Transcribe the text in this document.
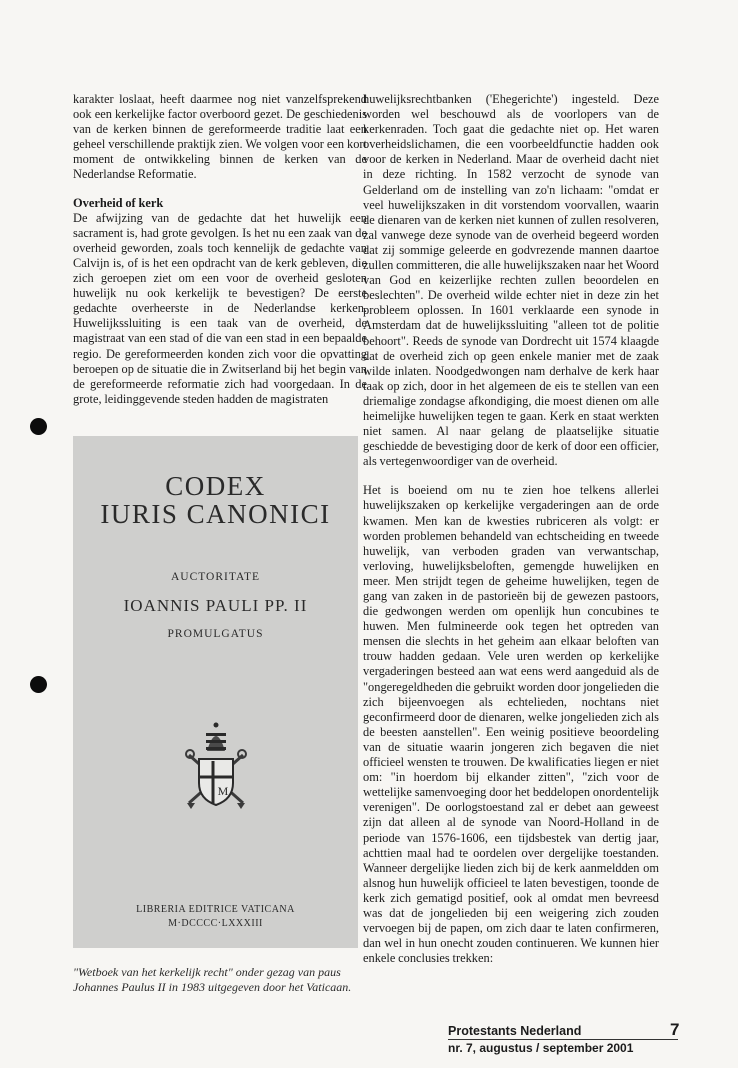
karakter loslaat, heeft daarmee nog niet vanzelfsprekend ook een kerkelijke factor overboord gezet. De geschiedenis van de kerken binnen de gereformeerde traditie laat een geheel verschillende praktijk zien. We volgen voor een kort moment de ontwikkeling binnen de kerken van de Nederlandse Reformatie.

Overheid of kerk

De afwijzing van de gedachte dat het huwelijk een sacrament is, had grote gevolgen. Is het nu een zaak van de overheid geworden, zoals toch kennelijk de gedachte van Calvijn is, of is het een opdracht van de kerk gebleven, die zich geroepen ziet om een voor de overheid gesloten huwelijk nu ook kerkelijk te bevestigen? De eerste gedachte overheerste in de Nederlandse kerken. Huwelijkssluiting is een taak van de overheid, de magistraat van een stad of die van een stad in een bepaalde regio. De gereformeerden konden zich voor die opvatting beroepen op de situatie die in Zwitserland bij het begin van de gereformeerde reformatie zich had voorgedaan. In de grote, leidinggevende steden hadden de magistraten

CODEX
IURIS CANONICI
AUCTORITATE
IOANNIS PAULI PP. II
PROMULGATUS
M
LIBRERIA EDITRICE VATICANA
M·DCCCC·LXXXIII

"Wetboek van het kerkelijk recht" onder gezag van paus Johannes Paulus II in 1983 uitgegeven door het Vaticaan.

huwelijksrechtbanken ('Ehegerichte') ingesteld. Deze worden wel beschouwd als de voorlopers van de kerkenraden. Toch gaat die gedachte niet op. Het waren overheidslichamen, die een voorbeeldfunctie hadden ook voor de kerken in Nederland. Maar de overheid dacht niet in deze richting. In 1582 verzocht de synode van Gelderland om de instelling van zo'n lichaam: "omdat er veel huwelijkszaken in dit vorstendom voorvallen, waarin de dienaren van de kerken niet kunnen of zullen resolveren, zal vanwege deze synode van de overheid begeerd worden dat zij sommige geleerde en godvrezende mannen daartoe zullen committeren, die alle huwelijkszaken naar het Woord van God en keizerlijke rechten zullen beoordelen en beslechten". De overheid wilde echter niet in deze zin het probleem oplossen. In 1601 verklaarde een synode in Amsterdam dat de huwelijkssluiting "alleen tot de politie behoort". Reeds de synode van Dordrecht uit 1574 klaagde dat de overheid zich op geen enkele manier met de zaak wilde inlaten. Noodgedwongen nam derhalve de kerk haar taak op zich, door in het algemeen de eis te stellen van een driemalige zondagse afkondiging, die moest dienen om alle heimelijke huwelijken tegen te gaan. Kerk en staat werkten niet samen. Al naar gelang de plaatselijke situatie geschiedde de bevestiging door de kerk of door een officier, als vertegenwoordiger van de overheid.

Het is boeiend om nu te zien hoe telkens allerlei huwelijkszaken op kerkelijke vergaderingen aan de orde kwamen. Men kan de kwesties rubriceren als volgt: er worden problemen behandeld van echtscheiding en tweede huwelijk, van verboden graden van verwantschap, verloving, huwelijksbeloften, gemengde huwelijken en meer. Men strijdt tegen de geheime huwelijken, tegen de gang van zaken in de pastorieën bij de gewezen pastoors, die gedwongen werden om openlijk hun concubines te huwen. Men fulmineerde ook tegen het optreden van mensen die slechts in het geheim aan elkaar beloften van trouw hadden gedaan. Vele uren werden op kerkelijke vergaderingen besteed aan wat eens werd aangeduid als de "ongeregeldheden die gebruikt worden door jongelieden die zich bijeenvoegen als echtelieden, nochtans niet geconfirmeerd door de dienaren, welke jongelieden zich als de beesten aanstellen". Een weinig positieve beoordeling van de situatie waarin jongeren zich begaven die niet officieel wensten te trouwen. De kwalificaties liegen er niet om: "in hoerdom bij elkander zitten", "zich voor de wettelijke samenvoeging door het beddelopen onordentelijk verenigen". De oorlogstoestand zal er debet aan geweest zijn dat alleen al de synode van Noord-Holland in de periode van 1576-1606, een tijdsbestek van dertig jaar, achttien maal had te oordelen over dergelijke toestanden. Wanneer dergelijke lieden zich bij de kerk aanmeldden om alsnog hun huwelijk officieel te laten bevestigen, toonde de kerk zich gematigd positief, ook al omdat men bevreesd was dat de jongelieden bij een weigering zich zouden vervoegen bij de papen, om zich daar te laten confirmeren, dan wel in hun onecht zouden continueren. We kunnen hier enkele conclusies trekken:

Protestants Nederland
nr. 7, augustus / september 2001
7
